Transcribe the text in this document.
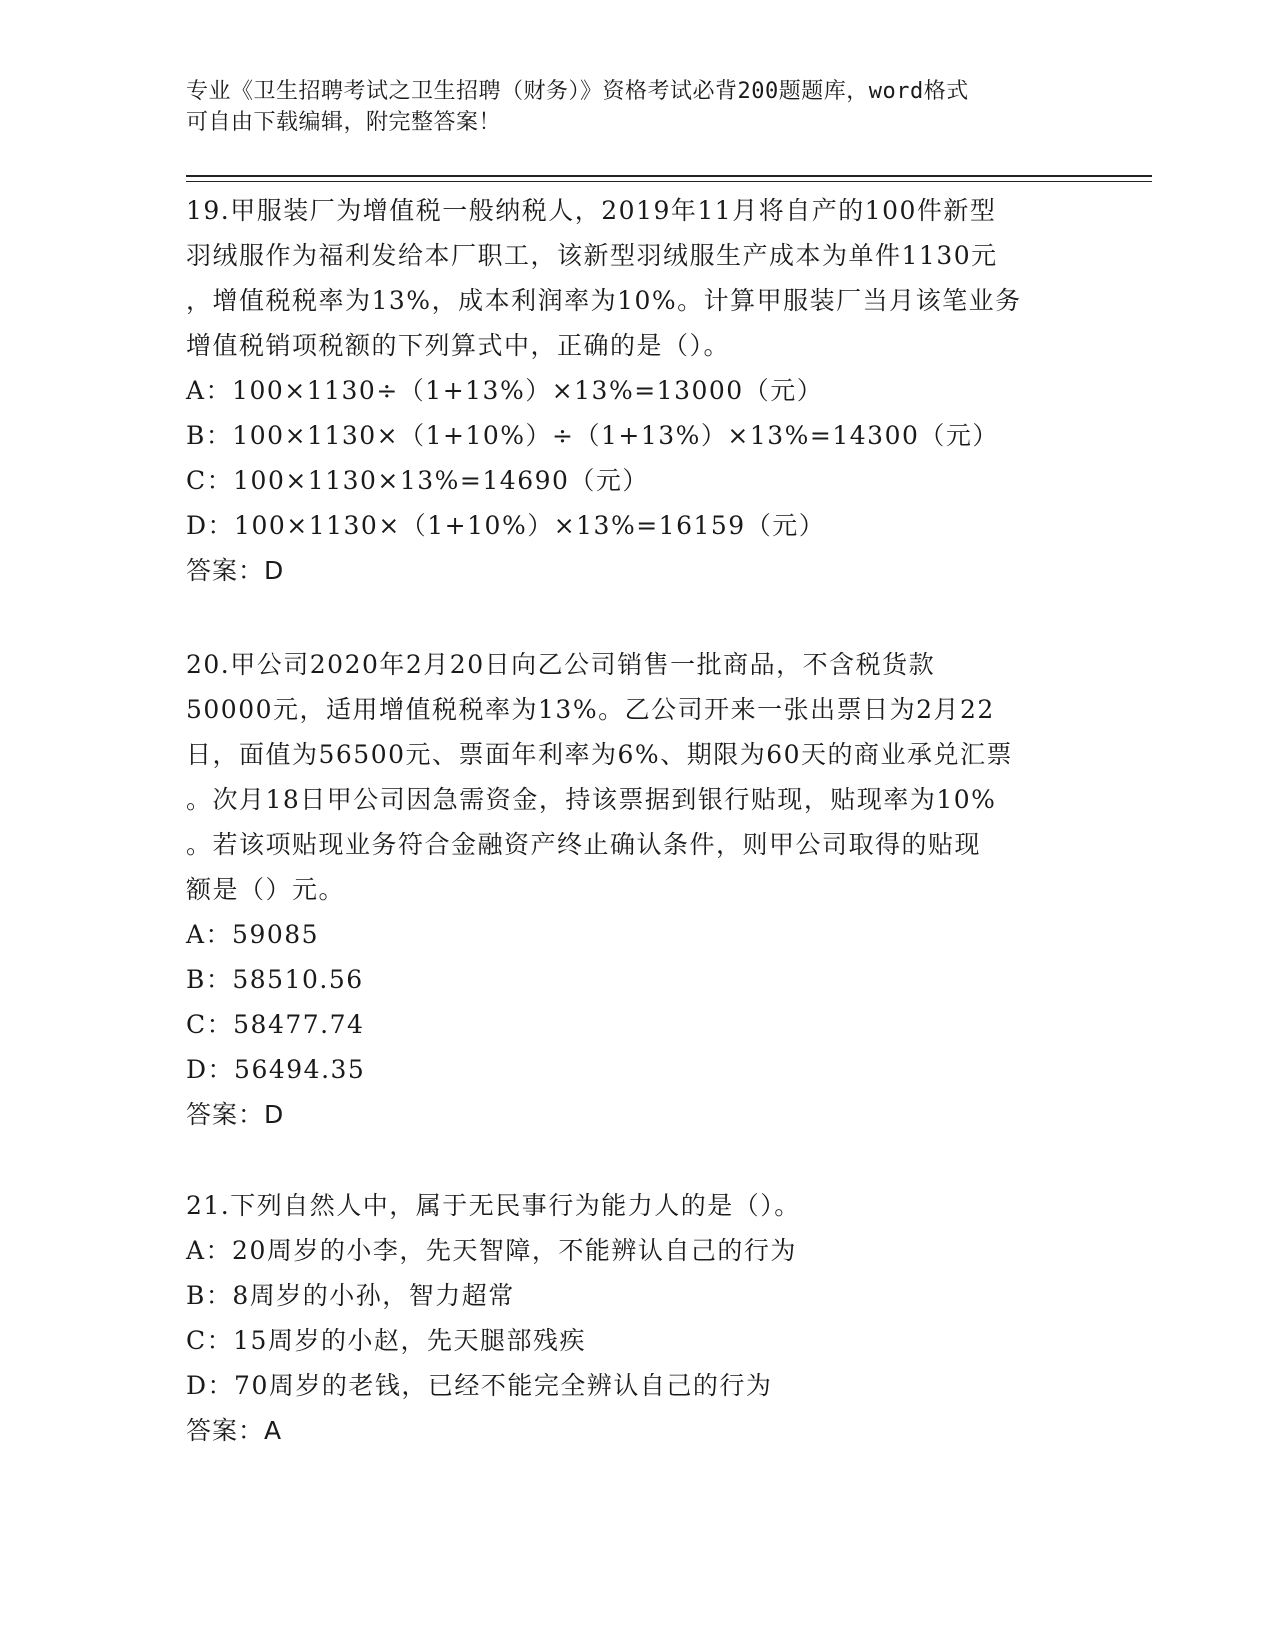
专业《卫生招聘考试之卫生招聘（财务）》资格考试必背200题题库，word格式
可自由下载编辑，附完整答案！

19.甲服装厂为增值税一般纳税人，2019年11月将自产的100件新型

羽绒服作为福利发给本厂职工，该新型羽绒服生产成本为单件1130元

，增值税税率为13%，成本利润率为10%。计算甲服装厂当月该笔业务

增值税销项税额的下列算式中，正确的是（）。

A：100×1130÷（1+13%）×13%=13000（元）

B：100×1130×（1+10%）÷（1+13%）×13%=14300（元）

C：100×1130×13%=14690（元）

D：100×1130×（1+10%）×13%=16159（元）

答案：D

20.甲公司2020年2月20日向乙公司销售一批商品，不含税货款

50000元，适用增值税税率为13%。乙公司开来一张出票日为2月22

日，面值为56500元、票面年利率为6%、期限为60天的商业承兑汇票

。次月18日甲公司因急需资金，持该票据到银行贴现，贴现率为10%

。若该项贴现业务符合金融资产终止确认条件，则甲公司取得的贴现

额是（）元。

A：59085

B：58510.56

C：58477.74

D：56494.35

答案：D

21.下列自然人中，属于无民事行为能力人的是（）。

A：20周岁的小李，先天智障，不能辨认自己的行为

B：8周岁的小孙，智力超常

C：15周岁的小赵，先天腿部残疾

D：70周岁的老钱，已经不能完全辨认自己的行为

答案：A
